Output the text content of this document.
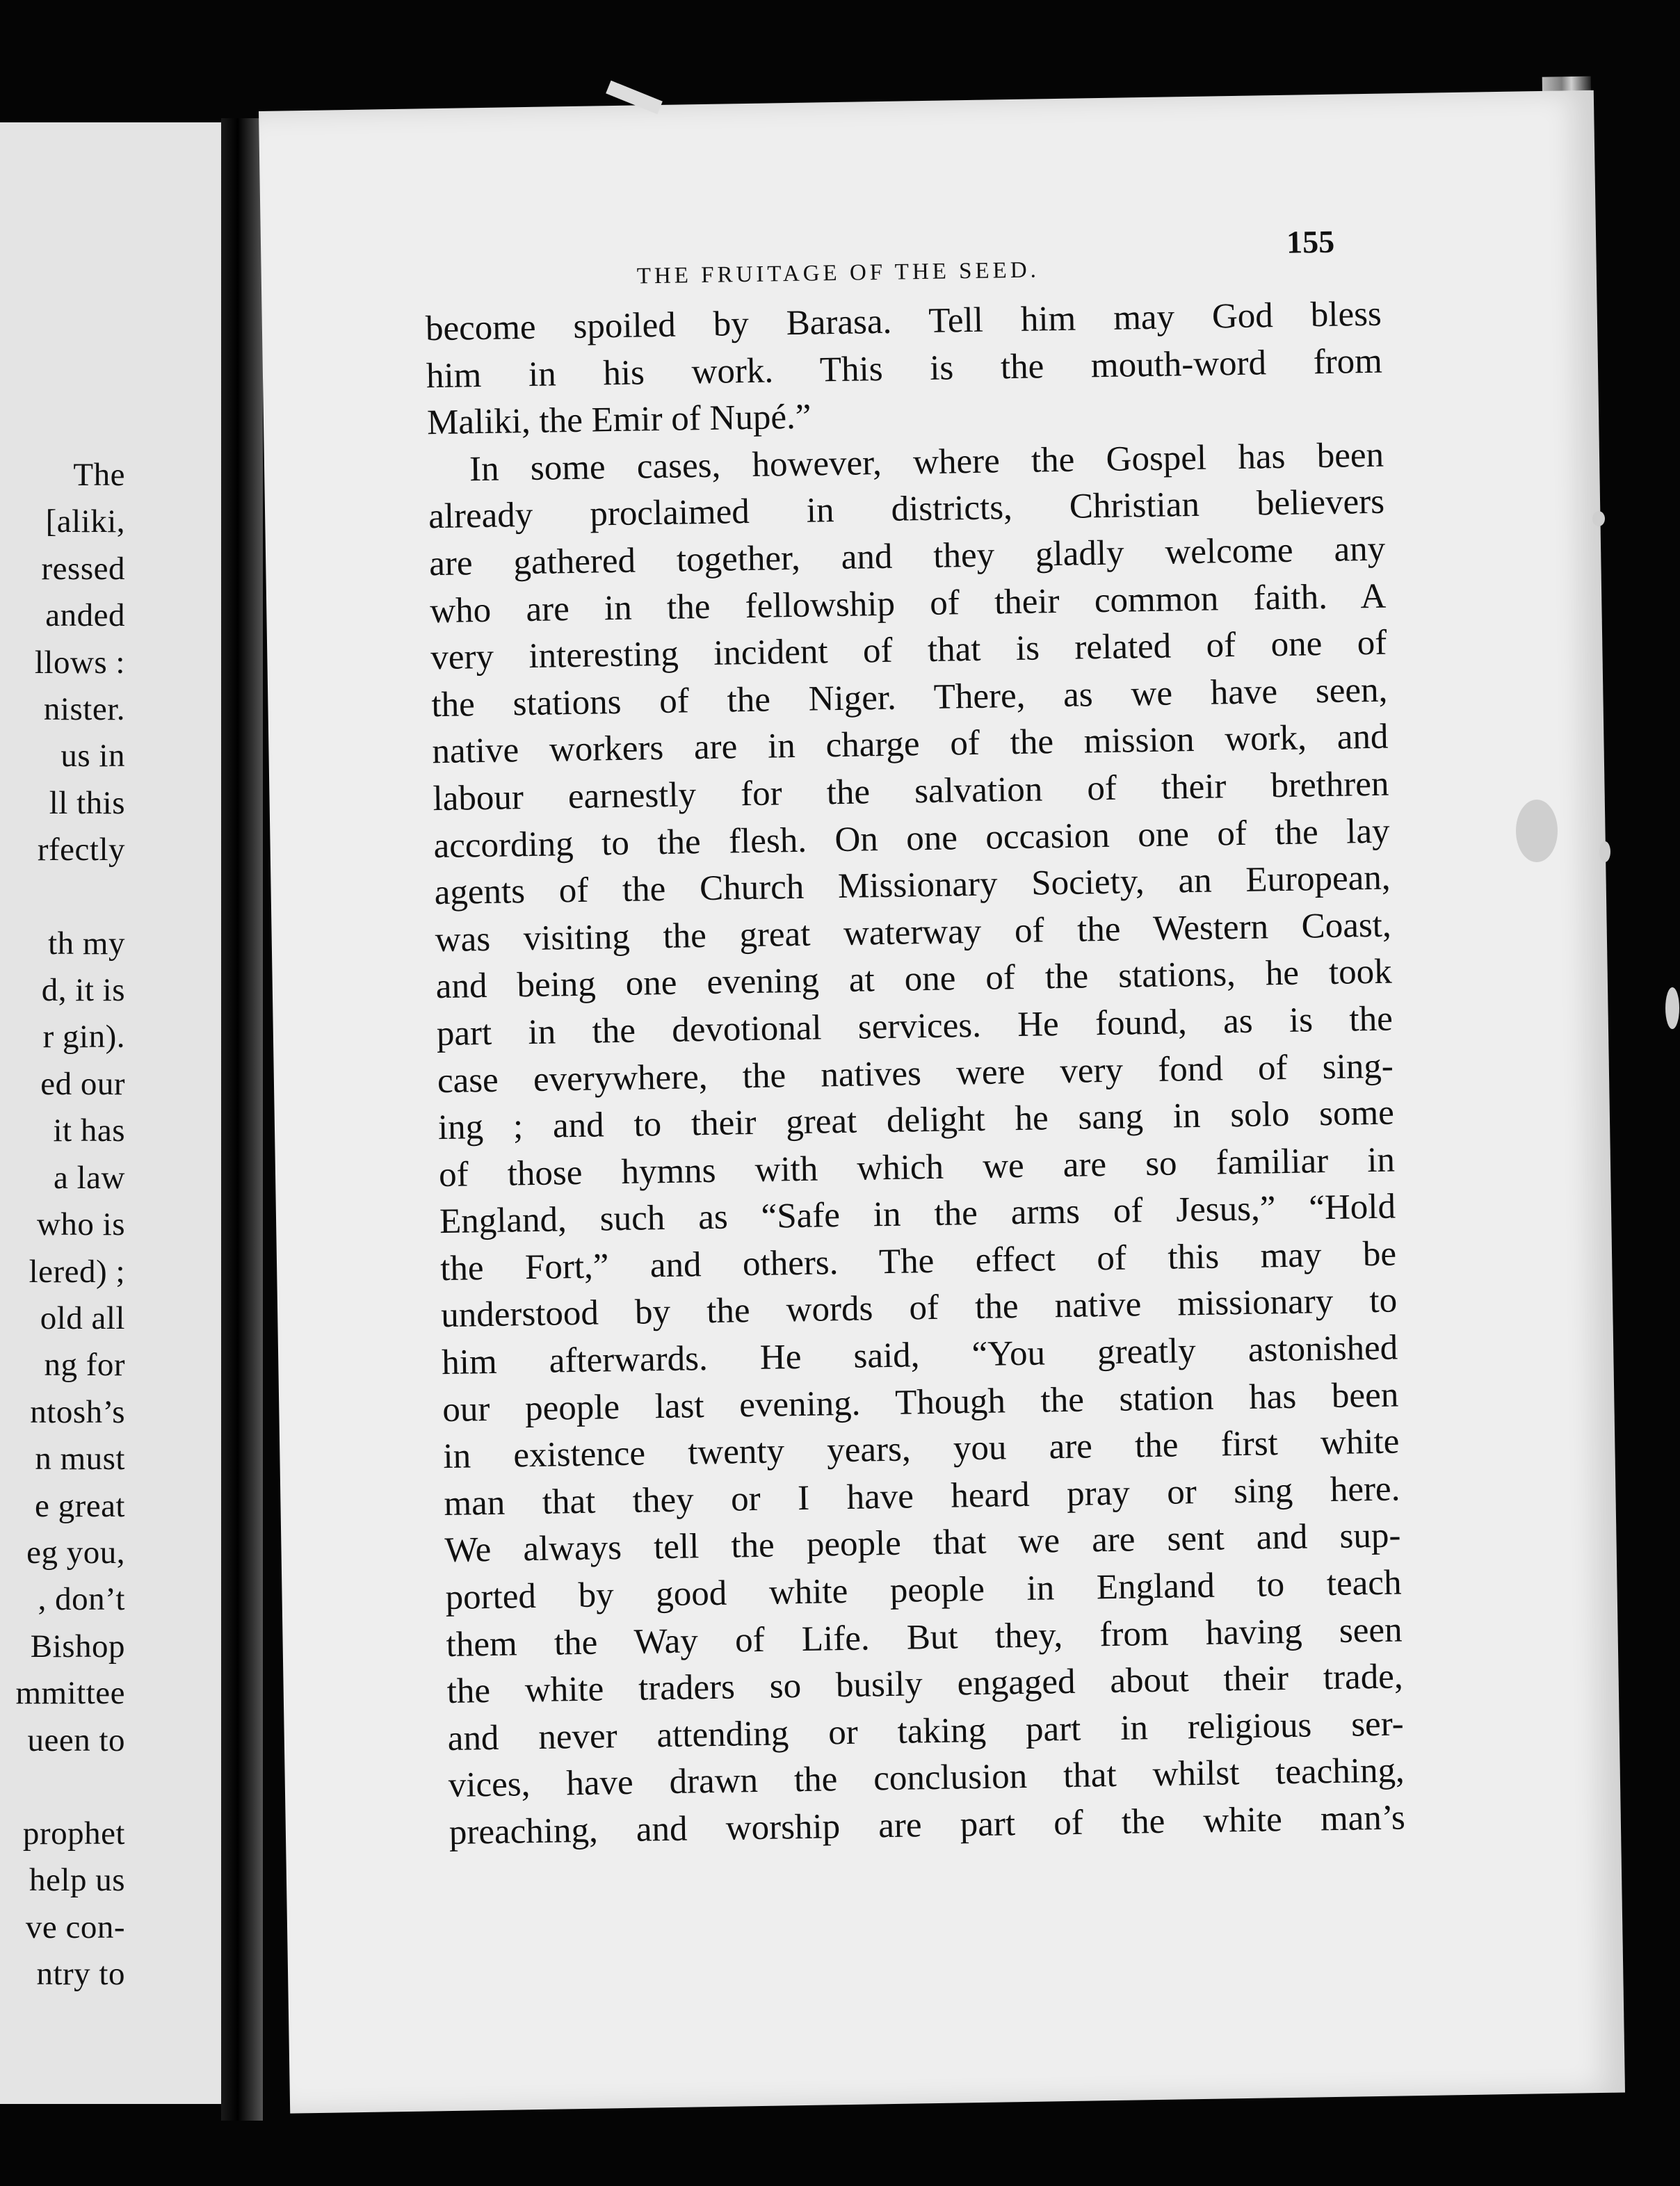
The
[aliki,
ressed
anded
llows :
nister.
us in
ll this
rfectly
th my
d, it is
r gin).
ed our
it has
a law
who is
lered) ;
old all
ng for
ntosh’s
n must
e great
eg you,
, don’t
Bishop
mmittee
ueen to
prophet
help us
ve con-
ntry to
THE FRUITAGE OF THE SEED.
155
become spoiled by Barasa. Tell him may God bless
him in his work. This is the mouth-word from
Maliki, the Emir of Nupé.”
In some cases, however, where the Gospel has been
already proclaimed in districts, Christian believers
are gathered together, and they gladly welcome any
who are in the fellowship of their common faith. A
very interesting incident of that is related of one of
the stations of the Niger. There, as we have seen,
native workers are in charge of the mission work, and
labour earnestly for the salvation of their brethren
according to the flesh. On one occasion one of the lay
agents of the Church Missionary Society, an European,
was visiting the great waterway of the Western Coast,
and being one evening at one of the stations, he took
part in the devotional services. He found, as is the
case everywhere, the natives were very fond of sing-
ing ; and to their great delight he sang in solo some
of those hymns with which we are so familiar in
England, such as “Safe in the arms of Jesus,” “Hold
the Fort,” and others. The effect of this may be
understood by the words of the native missionary to
him afterwards. He said, “You greatly astonished
our people last evening. Though the station has been
in existence twenty years, you are the first white
man that they or I have heard pray or sing here.
We always tell the people that we are sent and sup-
ported by good white people in England to teach
them the Way of Life. But they, from having seen
the white traders so busily engaged about their trade,
and never attending or taking part in religious ser-
vices, have drawn the conclusion that whilst teaching,
preaching, and worship are part of the white man’s
